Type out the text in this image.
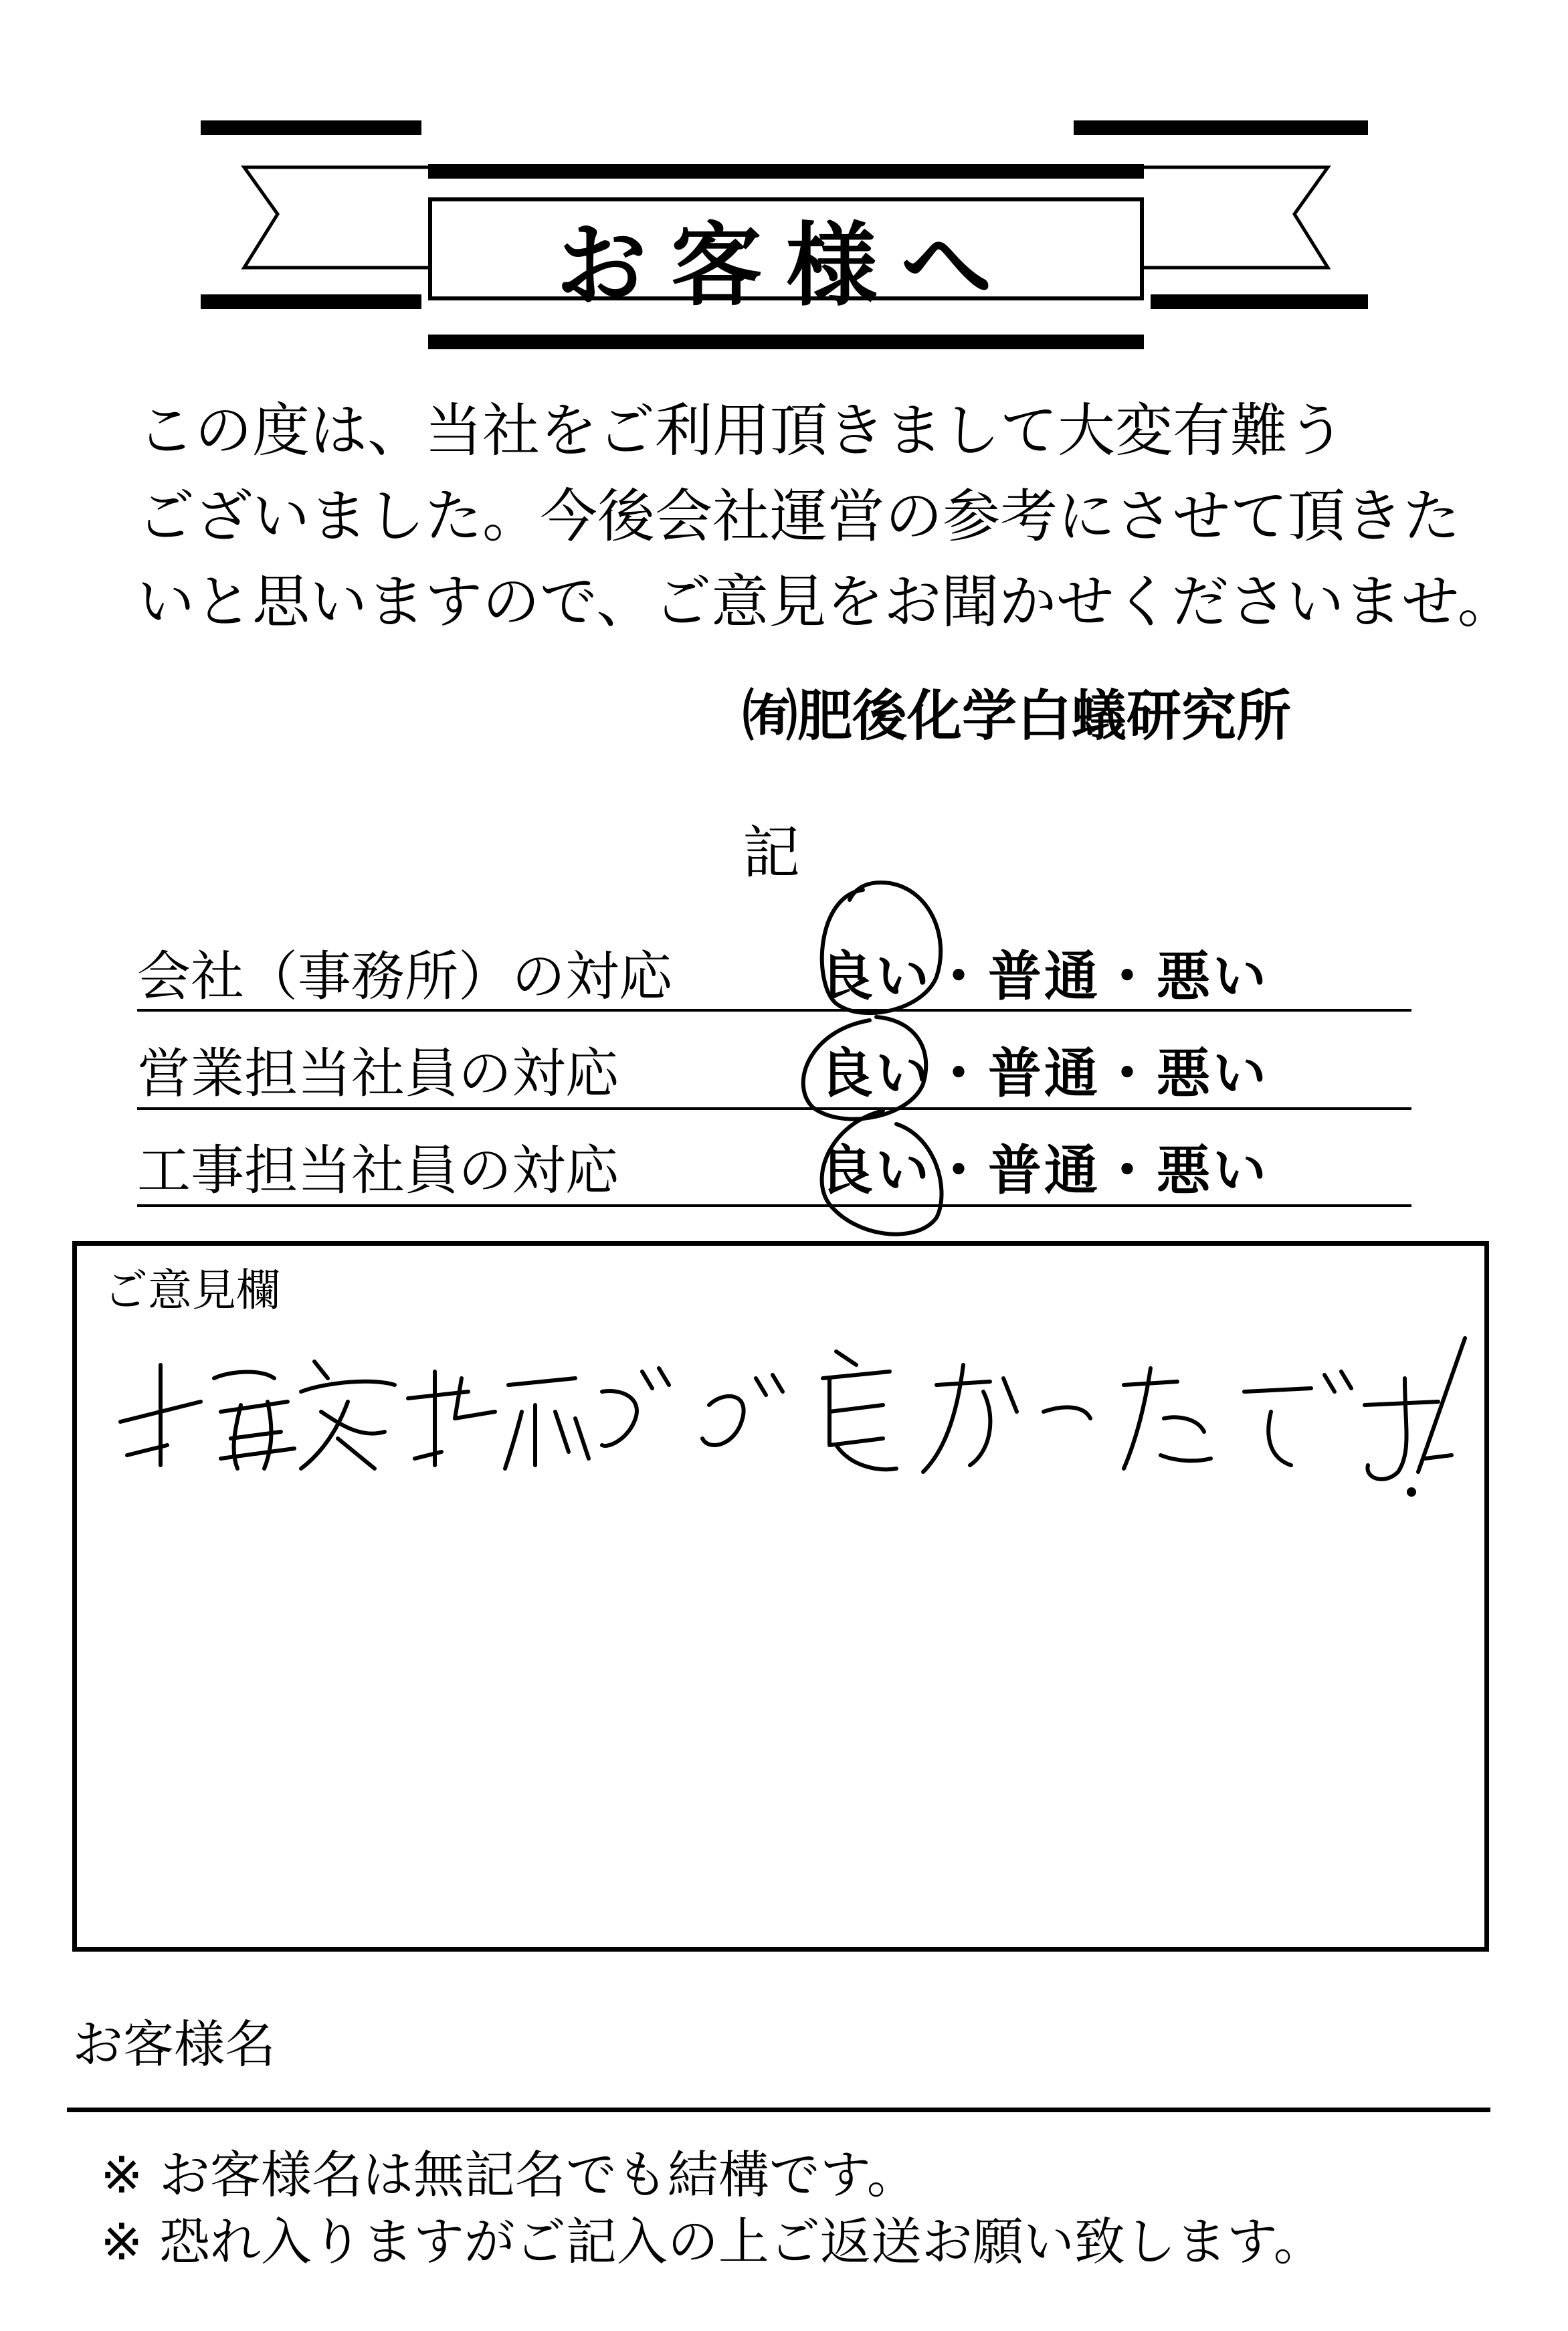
お客様へ
この度は、当社をご利用頂きまして大変有難う
ございました。今後会社運営の参考にさせて頂きた
いと思いますので、ご意見をお聞かせくださいませ。
㈲肥後化学白蟻研究所
記
会社（事務所）の対応	良い・普通・悪い
営業担当社員の対応	良い・普通・悪い
工事担当社員の対応	良い・普通・悪い
ご意見欄
お客様名
※ お客様名は無記名でも結構です。
※ 恐れ入りますがご記入の上ご返送お願い致します。
